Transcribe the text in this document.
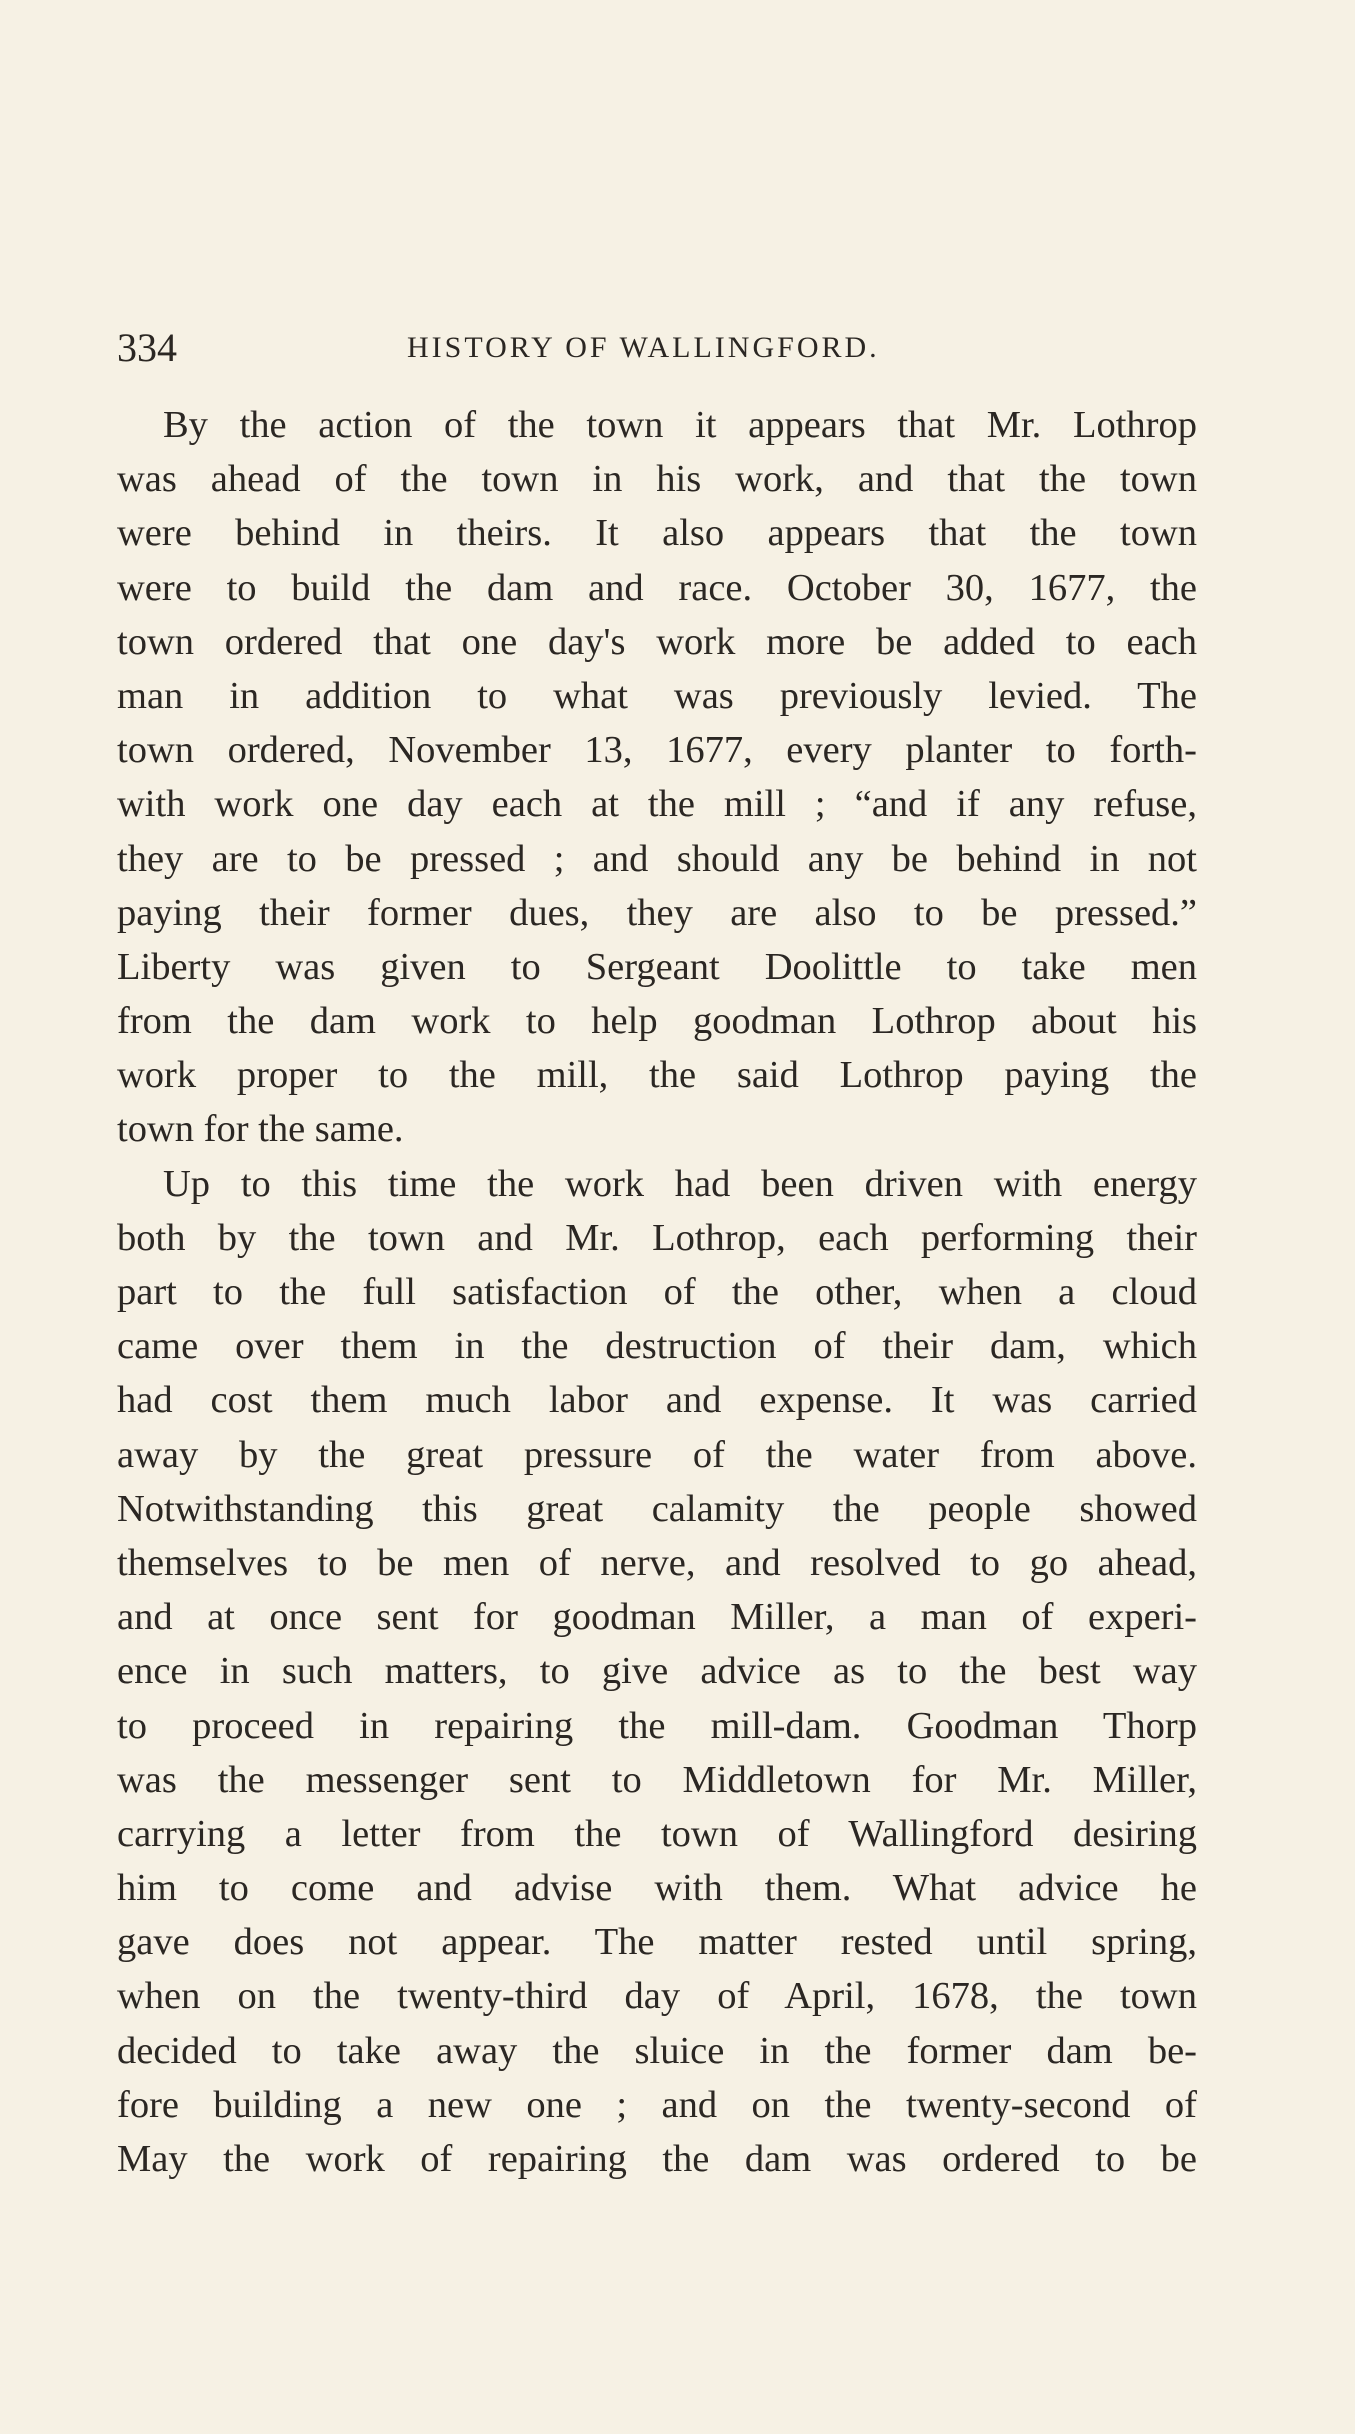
334	HISTORY OF WALLINGFORD.
By the action of the town it appears that Mr. Lothrop
was ahead of the town in his work, and that the town
were behind in theirs. It also appears that the town
were to build the dam and race. October 30, 1677, the
town ordered that one day's work more be added to each
man in addition to what was previously levied. The
town ordered, November 13, 1677, every planter to forth-
with work one day each at the mill ; “and if any refuse,
they are to be pressed ; and should any be behind in not
paying their former dues, they are also to be pressed.”
Liberty was given to Sergeant Doolittle to take men
from the dam work to help goodman Lothrop about his
work proper to the mill, the said Lothrop paying the
town for the same.
Up to this time the work had been driven with energy
both by the town and Mr. Lothrop, each performing their
part to the full satisfaction of the other, when a cloud
came over them in the destruction of their dam, which
had cost them much labor and expense. It was carried
away by the great pressure of the water from above.
Notwithstanding this great calamity the people showed
themselves to be men of nerve, and resolved to go ahead,
and at once sent for goodman Miller, a man of experi-
ence in such matters, to give advice as to the best way
to proceed in repairing the mill-dam. Goodman Thorp
was the messenger sent to Middletown for Mr. Miller,
carrying a letter from the town of Wallingford desiring
him to come and advise with them. What advice he
gave does not appear. The matter rested until spring,
when on the twenty-third day of April, 1678, the town
decided to take away the sluice in the former dam be-
fore building a new one ; and on the twenty-second of
May the work of repairing the dam was ordered to be
